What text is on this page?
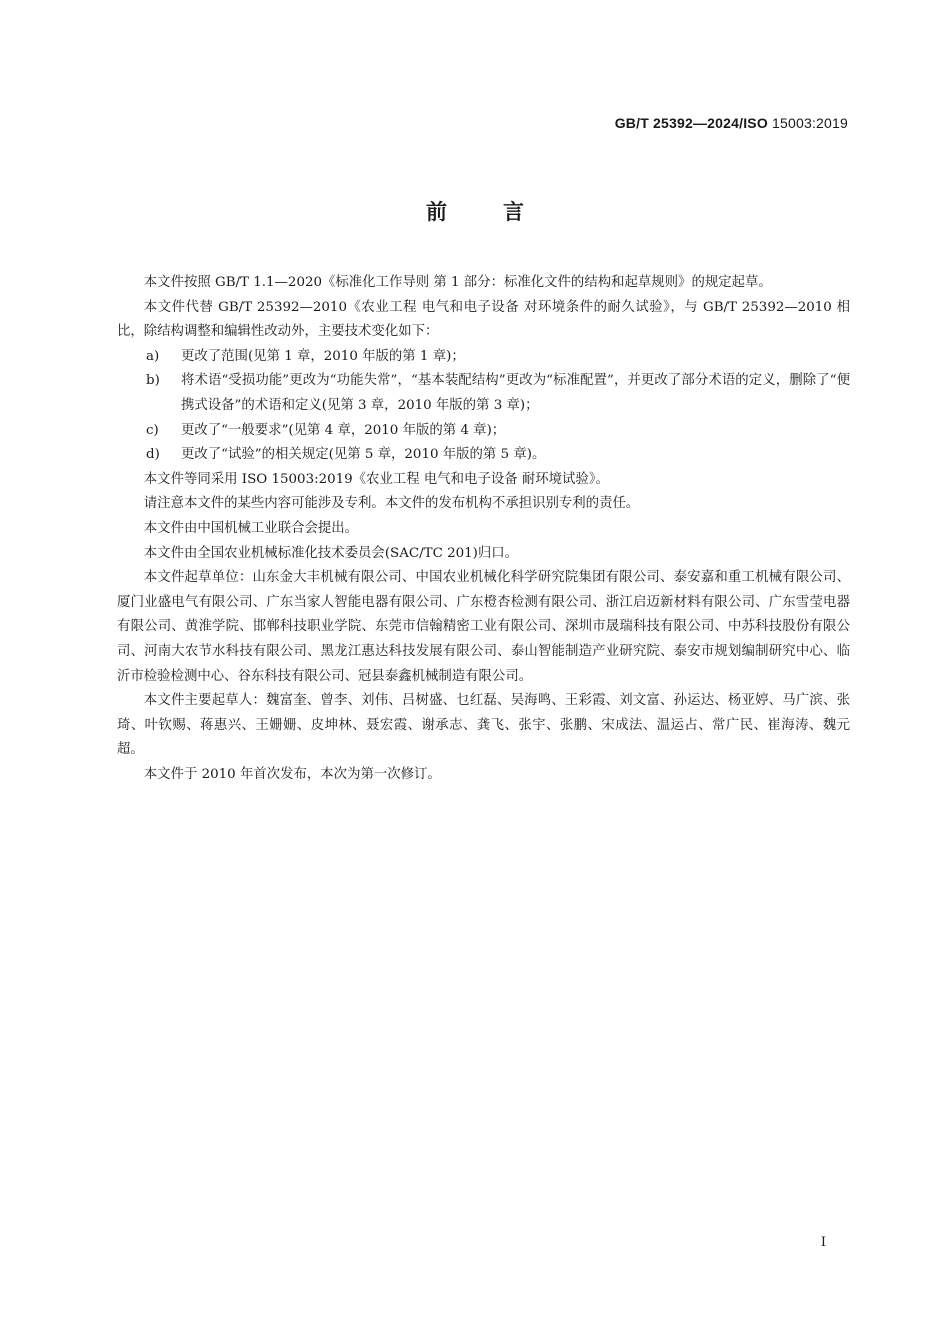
GB/T 25392—2024/ISO 15003:2019
前	言

本文件按照 GB/T 1.1—2020《标准化工作导则 第 1 部分：标准化文件的结构和起草规则》的规定起草。

本文件代替 GB/T 25392—2010《农业工程 电气和电子设备 对环境条件的耐久试验》，与 GB/T 25392—2010 相比，除结构调整和编辑性改动外，主要技术变化如下：

a) 更改了范围(见第 1 章，2010 年版的第 1 章)；

b) 将术语“受损功能”更改为“功能失常”，“基本装配结构”更改为“标准配置”，并更改了部分术语的定义，删除了“便携式设备”的术语和定义(见第 3 章，2010 年版的第 3 章)；

c) 更改了“一般要求”(见第 4 章，2010 年版的第 4 章)；

d) 更改了“试验”的相关规定(见第 5 章，2010 年版的第 5 章)。

本文件等同采用 ISO 15003:2019《农业工程 电气和电子设备 耐环境试验》。

请注意本文件的某些内容可能涉及专利。本文件的发布机构不承担识别专利的责任。

本文件由中国机械工业联合会提出。

本文件由全国农业机械标准化技术委员会(SAC/TC 201)归口。

本文件起草单位：山东金大丰机械有限公司、中国农业机械化科学研究院集团有限公司、泰安嘉和重工机械有限公司、厦门业盛电气有限公司、广东当家人智能电器有限公司、广东橙杏检测有限公司、浙江启迈新材料有限公司、广东雪莹电器有限公司、黄淮学院、邯郸科技职业学院、东莞市信翰精密工业有限公司、深圳市晟瑞科技有限公司、中苏科技股份有限公司、河南大农节水科技有限公司、黑龙江惠达科技发展有限公司、泰山智能制造产业研究院、泰安市规划编制研究中心、临沂市检验检测中心、谷东科技有限公司、冠县泰鑫机械制造有限公司。

本文件主要起草人：魏富奎、曾李、刘伟、吕树盛、乜红磊、吴海鸣、王彩霞、刘文富、孙运达、杨亚婷、马广滨、张琦、叶钦赐、蒋惠兴、王姗姗、皮坤林、聂宏霞、谢承志、龚飞、张宇、张鹏、宋成法、温运占、常广民、崔海涛、魏元超。

本文件于 2010 年首次发布，本次为第一次修订。

I
